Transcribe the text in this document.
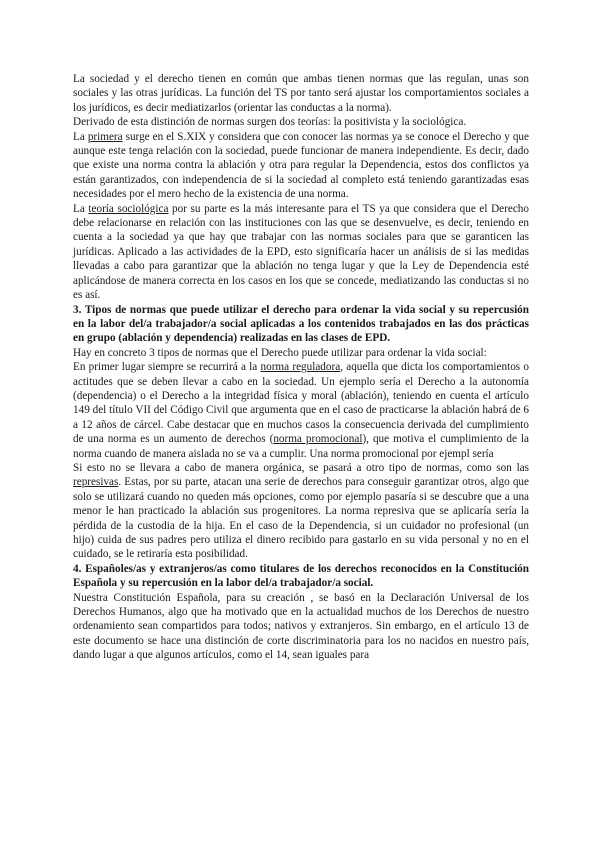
La sociedad y el derecho tienen en común que ambas tienen normas que las regulan, unas son sociales y las otras jurídicas. La función del TS por tanto será ajustar los comportamientos sociales a los jurídicos, es decir mediatizarlos (orientar las conductas a la norma).

Derivado de esta distinción de normas surgen dos teorías: la positivista y la sociológica.

La primera surge en el S.XIX y considera que con conocer las normas ya se conoce el Derecho y que aunque este tenga relación con la sociedad, puede funcionar de manera independiente. Es decir, dado que existe una norma contra la ablación y otra para regular la Dependencia, estos dos conflictos ya están garantizados, con independencia de si la sociedad al completo está teniendo garantizadas esas necesidades por el mero hecho de la existencia de una norma.

La teoría sociológica por su parte es la más interesante para el TS ya que considera que el Derecho debe relacionarse en relación con las instituciones con las que se desenvuelve, es decir, teniendo en cuenta a la sociedad ya que hay que trabajar con las normas sociales para que se garanticen las jurídicas. Aplicado a las actividades de la EPD, esto significaría hacer un análisis de si las medidas llevadas a cabo para garantizar que la ablación no tenga lugar y que la Ley de Dependencia esté aplicándose de manera correcta en los casos en los que se concede, mediatizando las conductas si no es así.

3. Tipos de normas que puede utilizar el derecho para ordenar la vida social y su repercusión en la labor del/a trabajador/a social aplicadas a los contenidos trabajados en las dos prácticas en grupo (ablación y dependencia) realizadas en las clases de EPD.

Hay en concreto 3 tipos de normas que el Derecho puede utilizar para ordenar la vida social:

En primer lugar siempre se recurrirá a la norma reguladora, aquella que dicta los comportamientos o actitudes que se deben llevar a cabo en la sociedad. Un ejemplo sería el Derecho a la autonomía (dependencia) o el Derecho a la integridad física y moral (ablación), teniendo en cuenta el artículo 149 del título VII del Código Civil que argumenta que en el caso de practicarse la ablación habrá de 6 a 12 años de cárcel. Cabe destacar que en muchos casos la consecuencia derivada del cumplimiento de una norma es un aumento de derechos (norma promocional), que motiva el cumplimiento de la norma cuando de manera aislada no se va a cumplir. Una norma promocional por ejempl sería

Si esto no se llevara a cabo de manera orgánica, se pasará a otro tipo de normas, como son las represivas. Estas, por su parte, atacan una serie de derechos para conseguir garantizar otros, algo que solo se utilizará cuando no queden más opciones, como por ejemplo pasaría si se descubre que a una menor le han practicado la ablación sus progenitores. La norma represiva que se aplicaría sería la pérdida de la custodia de la hija. En el caso de la Dependencia, si un cuidador no profesional (un hijo) cuida de sus padres pero utiliza el dinero recibido para gastarlo en su vida personal y no en el cuidado, se le retiraría esta posibilidad.

4. Españoles/as y extranjeros/as como titulares de los derechos reconocidos en la Constitución Española y su repercusión en la labor del/a trabajador/a social.

Nuestra Constitución Española, para su creación , se basó en la Declaración Universal de los Derechos Humanos, algo que ha motivado que en la actualidad muchos de los Derechos de nuestro ordenamiento sean compartidos para todos; nativos y extranjeros. Sin embargo, en el artículo 13 de este documento se hace una distinción de corte discriminatoria para los no nacidos en nuestro país, dando lugar a que algunos artículos, como el 14, sean iguales para
